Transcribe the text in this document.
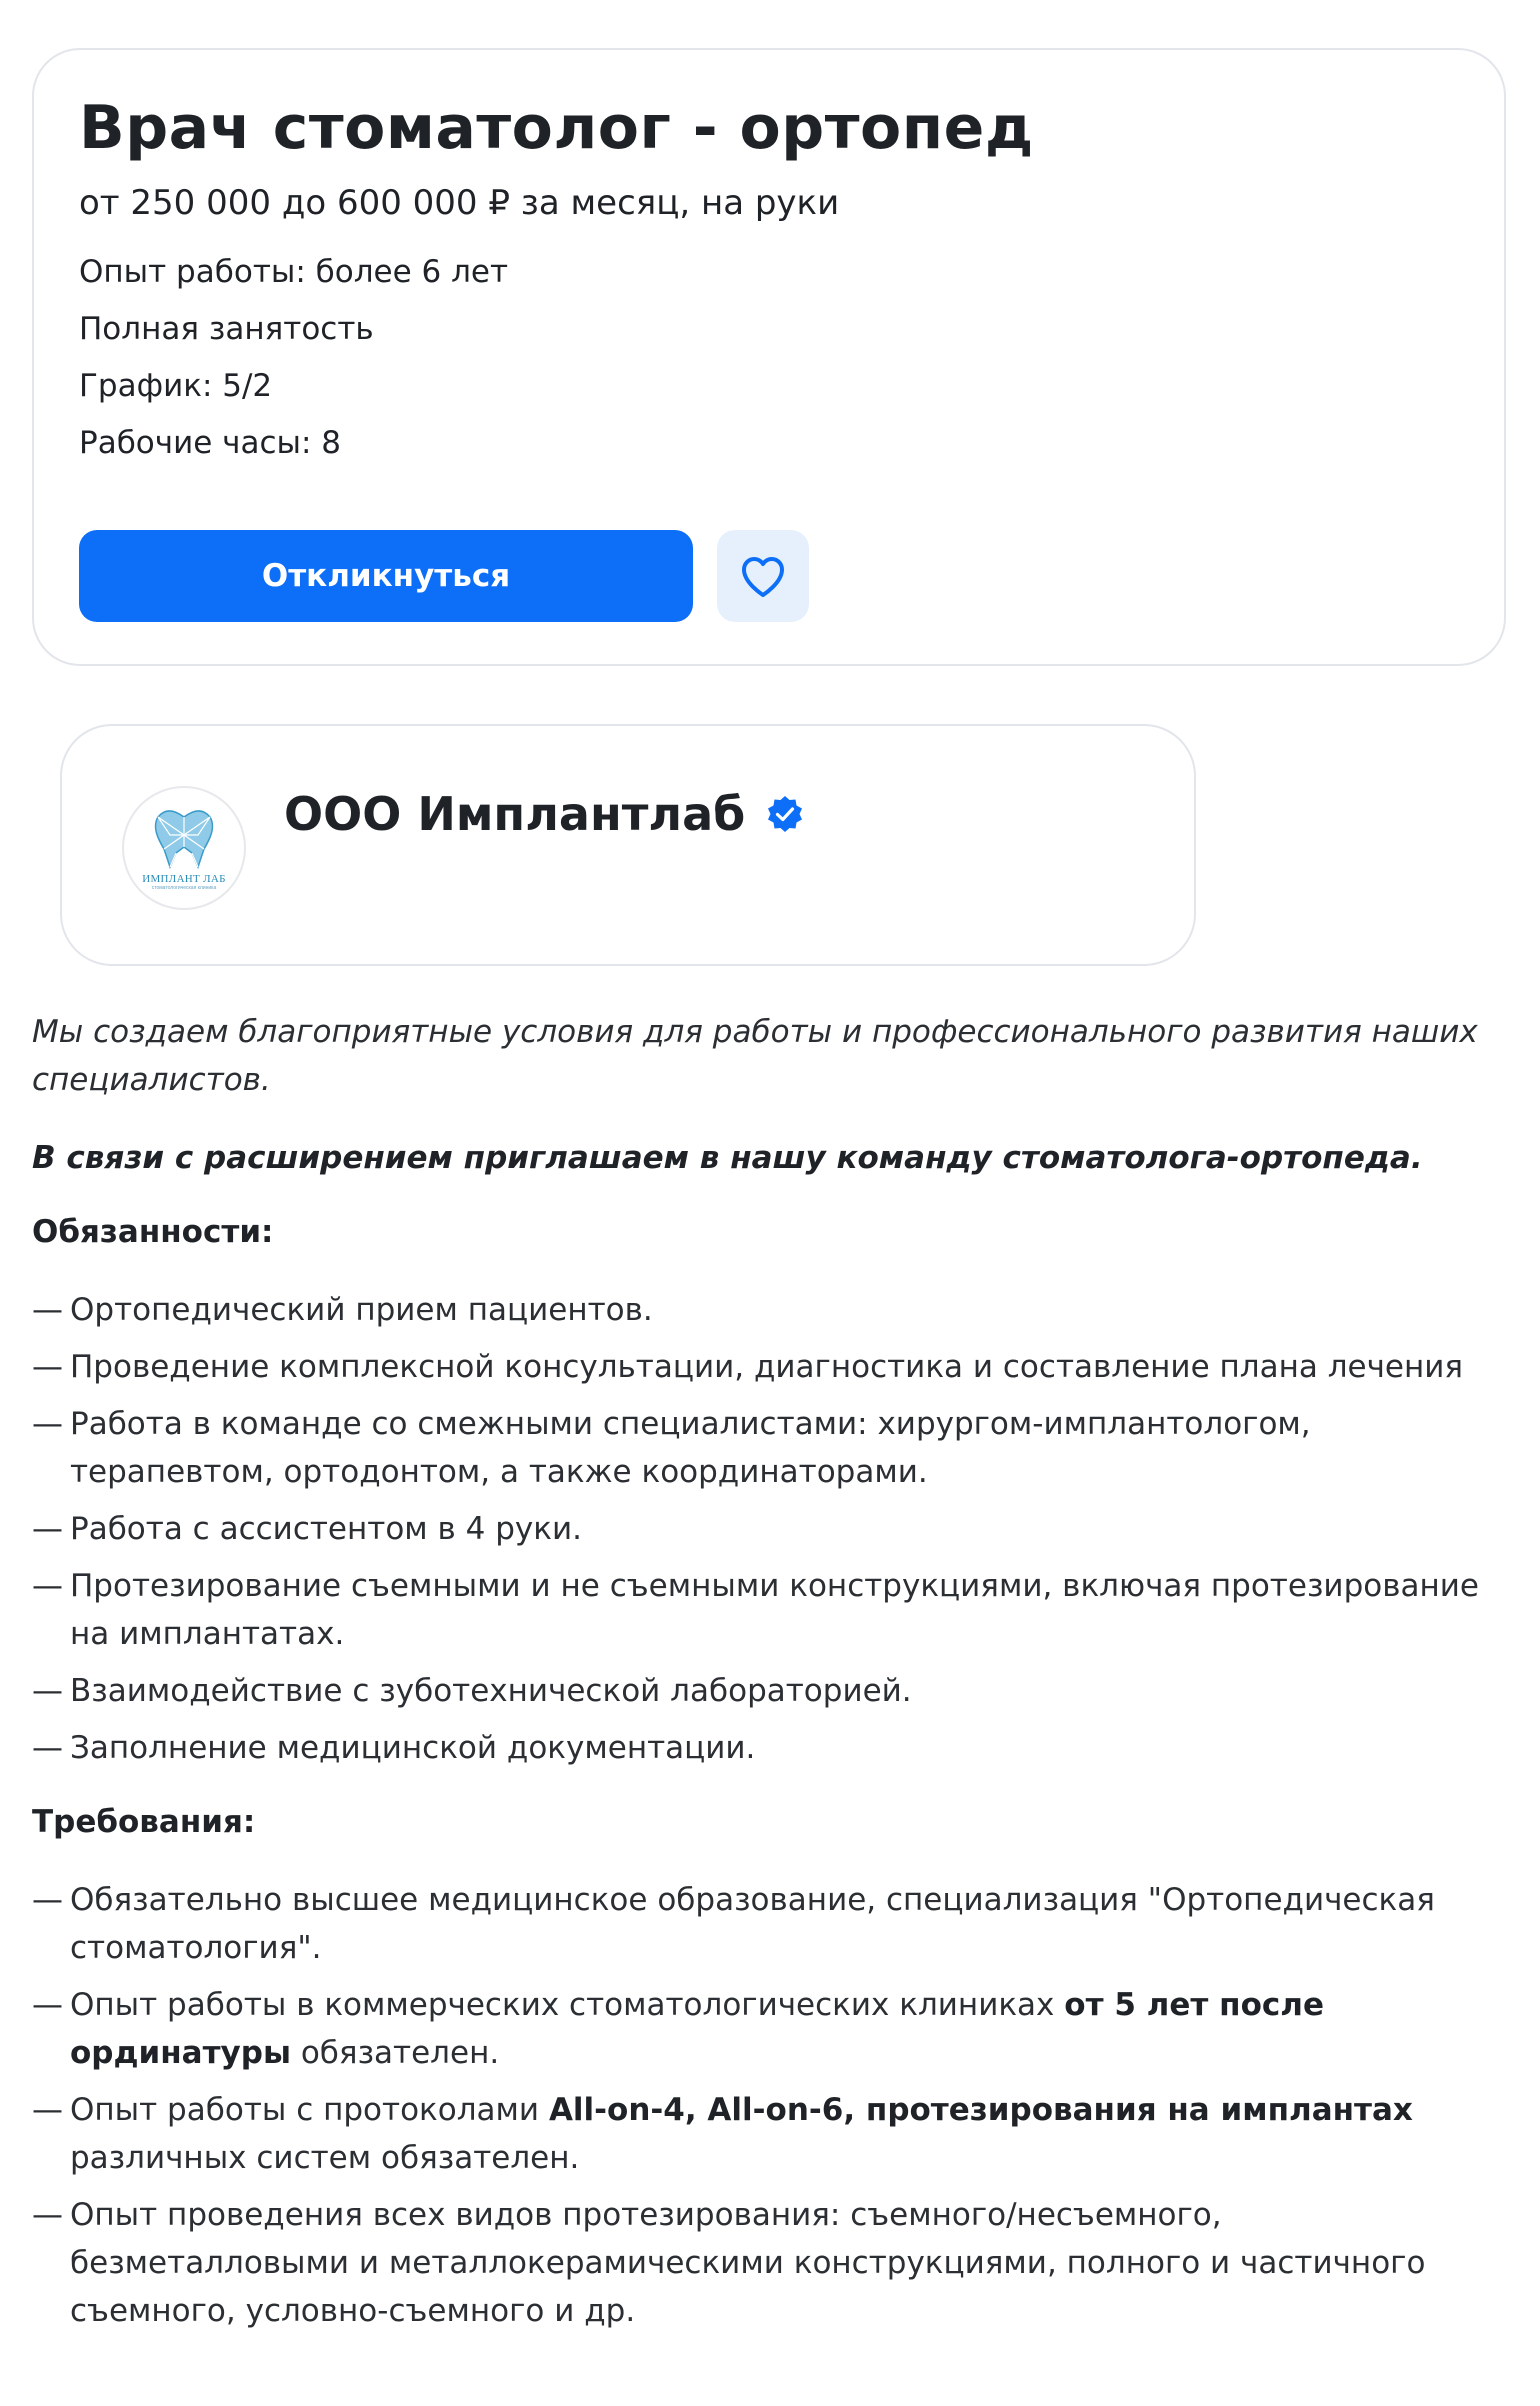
Врач стоматолог - ортопед
от 250 000 до 600 000 ₽ за месяц, на руки
Опыт работы: более 6 лет
Полная занятость
График: 5/2
Рабочие часы: 8
Откликнуться
ИМПЛАНТ ЛАБ
стоматологическая клиника
ООО Имплантлаб

Мы создаем благоприятные условия для работы и профессионального развития наших специалистов.

В связи с расширением приглашаем в нашу команду стоматолога-ортопеда.

Обязанности:
— Ортопедический прием пациентов.
— Проведение комплексной консультации, диагностика и составление плана лечения
— Работа в команде со смежными специалистами: хирургом-имплантологом, терапевтом, ортодонтом, а также координаторами.
— Работа с ассистентом в 4 руки.
— Протезирование съемными и не съемными конструкциями, включая протезирование на имплантатах.
— Взаимодействие с зуботехнической лабораторией.
— Заполнение медицинской документации.
Требования:
— Обязательно высшее медицинское образование, специализация "Ортопедическая стоматология".
— Опыт работы в коммерческих стоматологических клиниках от 5 лет после ординатуры обязателен.
— Опыт работы с протоколами All-on-4, All-on-6, протезирования на имплантах различных систем обязателен.
— Опыт проведения всех видов протезирования: съемного/несъемного, безметалловыми и металлокерамическими конструкциями, полного и частичного съемного, условно-съемного и др.
